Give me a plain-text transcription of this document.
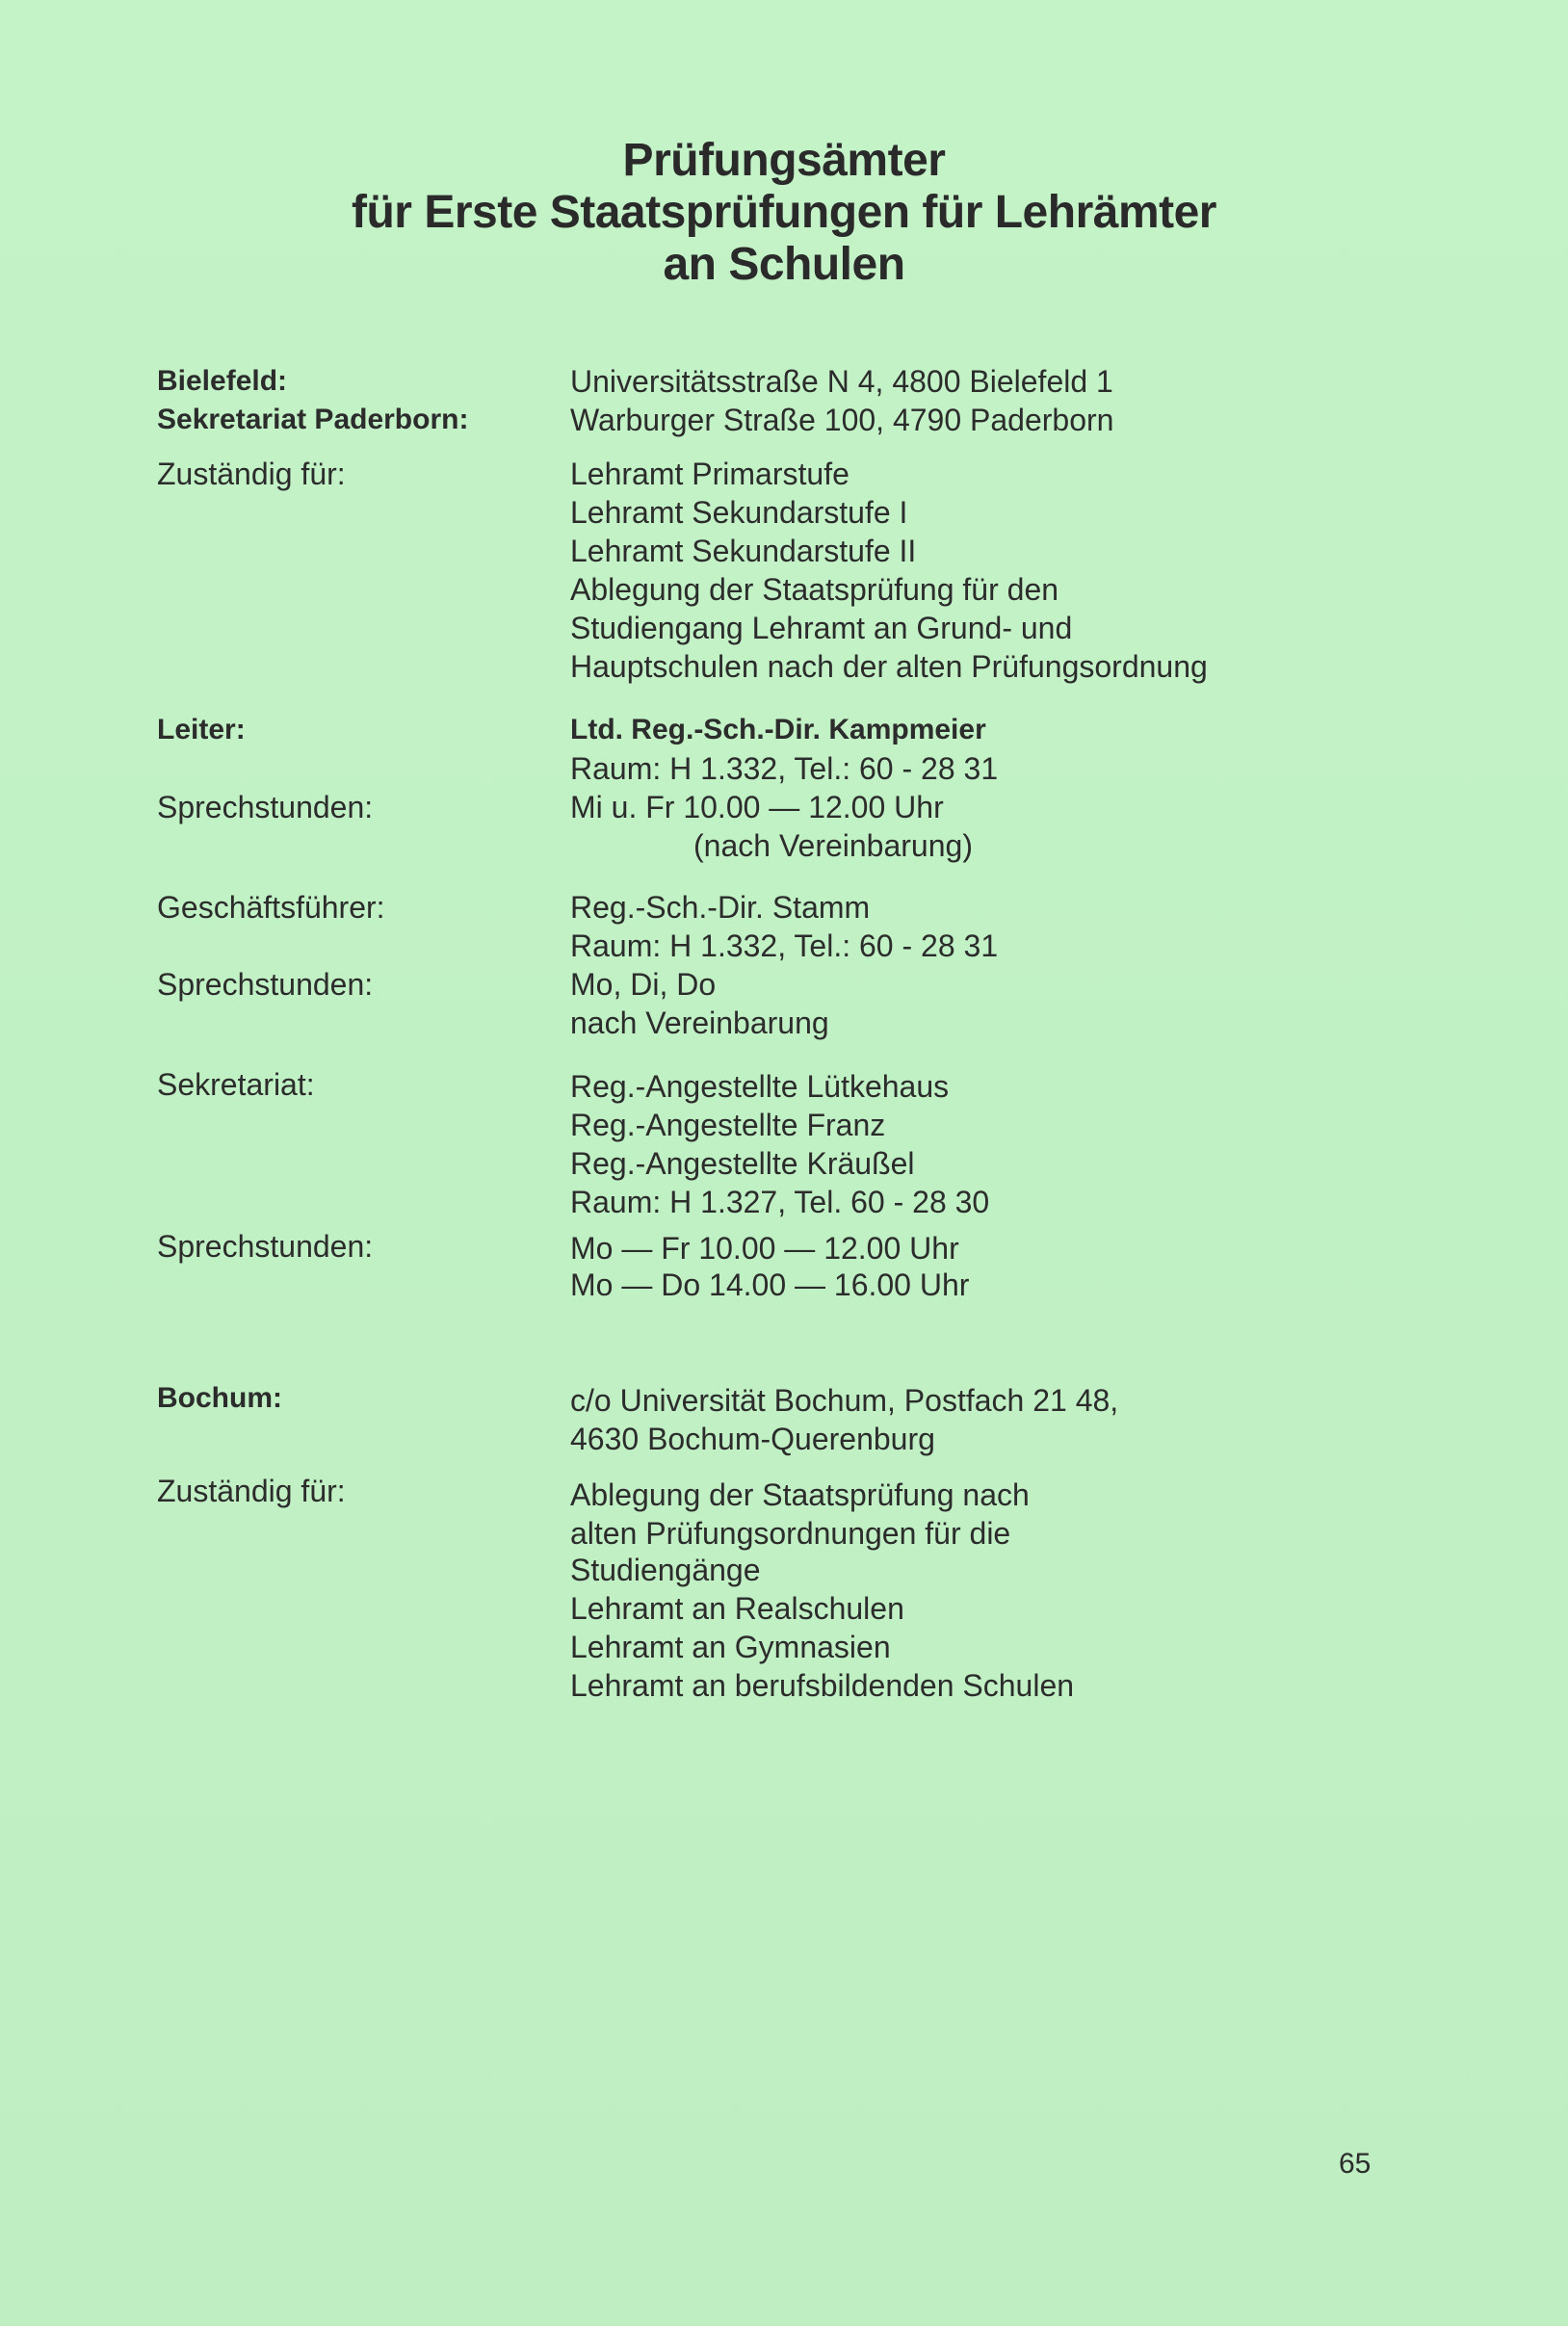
Prüfungsämter
für Erste Staatsprüfungen für Lehrämter
an Schulen
Bielefeld:	Universitätsstraße N 4, 4800 Bielefeld 1
Sekretariat Paderborn:	Warburger Straße 100, 4790 Paderborn
Zuständig für:	Lehramt Primarstufe
Lehramt Sekundarstufe I
Lehramt Sekundarstufe II
Ablegung der Staatsprüfung für den
Studiengang Lehramt an Grund- und
Hauptschulen nach der alten Prüfungsordnung
Leiter:	Ltd. Reg.-Sch.-Dir. Kampmeier
Raum: H 1.332, Tel.: 60 - 28 31
Sprechstunden:	Mi u. Fr 10.00 — 12.00 Uhr
(nach Vereinbarung)
Geschäftsführer:	Reg.-Sch.-Dir. Stamm
Raum: H 1.332, Tel.: 60 - 28 31
Sprechstunden:	Mo, Di, Do
nach Vereinbarung
Sekretariat:	Reg.-Angestellte Lütkehaus
Reg.-Angestellte Franz
Reg.-Angestellte Kräußel
Raum: H 1.327, Tel. 60 - 28 30
Sprechstunden:	Mo — Fr 10.00 — 12.00 Uhr
Mo — Do 14.00 — 16.00 Uhr
Bochum:	c/o Universität Bochum, Postfach 21 48,
4630 Bochum-Querenburg
Zuständig für:	Ablegung der Staatsprüfung nach
alten Prüfungsordnungen für die
Studiengänge
Lehramt an Realschulen
Lehramt an Gymnasien
Lehramt an berufsbildenden Schulen
65
